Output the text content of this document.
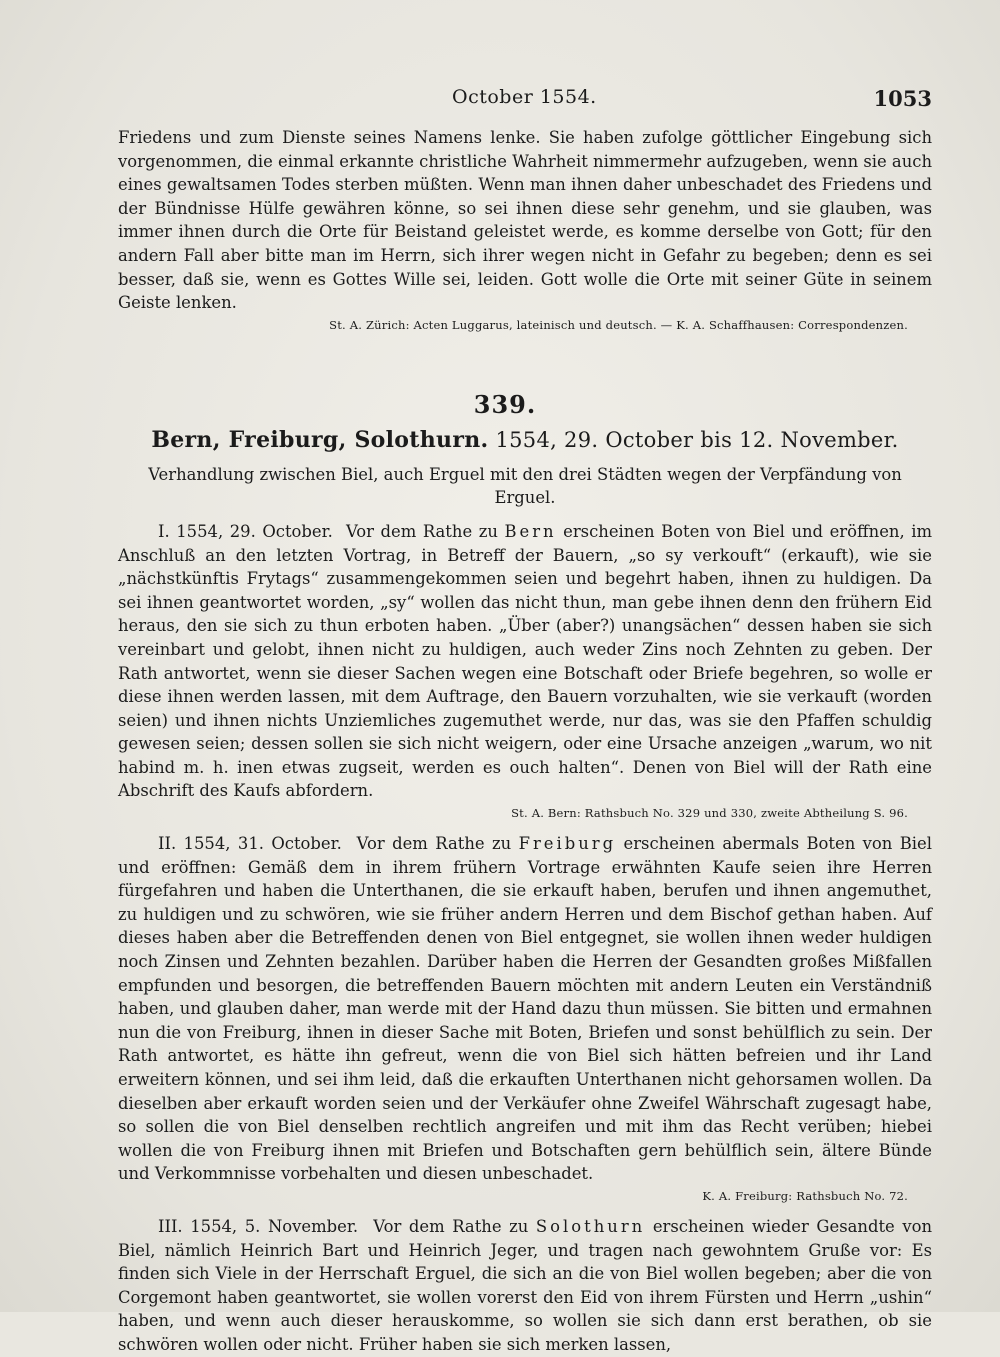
October 1554.	1053

Friedens und zum Dienste seines Namens lenke. Sie haben zufolge göttlicher Eingebung sich vorgenommen, die einmal erkannte christliche Wahrheit nimmermehr aufzugeben, wenn sie auch eines gewaltsamen Todes sterben müßten. Wenn man ihnen daher unbeschadet des Friedens und der Bündnisse Hülfe gewähren könne, so sei ihnen diese sehr genehm, und sie glauben, was immer ihnen durch die Orte für Beistand geleistet werde, es komme derselbe von Gott; für den andern Fall aber bitte man im Herrn, sich ihrer wegen nicht in Gefahr zu begeben; denn es sei besser, daß sie, wenn es Gottes Wille sei, leiden. Gott wolle die Orte mit seiner Güte in seinem Geiste lenken.

St. A. Zürich: Acten Luggarus, lateinisch und deutsch. — K. A. Schaffhausen: Correspondenzen.
339.
Bern, Freiburg, Solothurn. 1554, 29. October bis 12. November.
Verhandlung zwischen Biel, auch Erguel mit den drei Städten wegen der Verpfändung von Erguel.

I. 1554, 29. October. Vor dem Rathe zu Bern erscheinen Boten von Biel und eröffnen, im Anschluß an den letzten Vortrag, in Betreff der Bauern, „so sy verkouft“ (erkauft), wie sie „nächstkünftis Frytags“ zusammengekommen seien und begehrt haben, ihnen zu huldigen. Da sei ihnen geantwortet worden, „sy“ wollen das nicht thun, man gebe ihnen denn den frühern Eid heraus, den sie sich zu thun erboten haben. „Über (aber?) unangsächen“ dessen haben sie sich vereinbart und gelobt, ihnen nicht zu huldigen, auch weder Zins noch Zehnten zu geben. Der Rath antwortet, wenn sie dieser Sachen wegen eine Botschaft oder Briefe begehren, so wolle er diese ihnen werden lassen, mit dem Auftrage, den Bauern vorzuhalten, wie sie verkauft (worden seien) und ihnen nichts Unziemliches zugemuthet werde, nur das, was sie den Pfaffen schuldig gewesen seien; dessen sollen sie sich nicht weigern, oder eine Ursache anzeigen „warum, wo nit habind m. h. inen etwas zugseit, werden es ouch halten“. Denen von Biel will der Rath eine Abschrift des Kaufs abfordern.

St. A. Bern: Rathsbuch No. 329 und 330, zweite Abtheilung S. 96.

II. 1554, 31. October. Vor dem Rathe zu Freiburg erscheinen abermals Boten von Biel und eröffnen: Gemäß dem in ihrem frühern Vortrage erwähnten Kaufe seien ihre Herren fürgefahren und haben die Unterthanen, die sie erkauft haben, berufen und ihnen angemuthet, zu huldigen und zu schwören, wie sie früher andern Herren und dem Bischof gethan haben. Auf dieses haben aber die Betreffenden denen von Biel entgegnet, sie wollen ihnen weder huldigen noch Zinsen und Zehnten bezahlen. Darüber haben die Herren der Gesandten großes Mißfallen empfunden und besorgen, die betreffenden Bauern möchten mit andern Leuten ein Verständniß haben, und glauben daher, man werde mit der Hand dazu thun müssen. Sie bitten und ermahnen nun die von Freiburg, ihnen in dieser Sache mit Boten, Briefen und sonst behülflich zu sein. Der Rath antwortet, es hätte ihn gefreut, wenn die von Biel sich hätten befreien und ihr Land erweitern können, und sei ihm leid, daß die erkauften Unterthanen nicht gehorsamen wollen. Da dieselben aber erkauft worden seien und der Verkäufer ohne Zweifel Währschaft zugesagt habe, so sollen die von Biel denselben rechtlich angreifen und mit ihm das Recht verüben; hiebei wollen die von Freiburg ihnen mit Briefen und Botschaften gern behülflich sein, ältere Bünde und Verkommnisse vorbehalten und diesen unbeschadet.

K. A. Freiburg: Rathsbuch No. 72.

III. 1554, 5. November. Vor dem Rathe zu Solothurn erscheinen wieder Gesandte von Biel, nämlich Heinrich Bart und Heinrich Jeger, und tragen nach gewohntem Gruße vor: Es finden sich Viele in der Herrschaft Erguel, die sich an die von Biel wollen begeben; aber die von Corgemont haben geantwortet, sie wollen vorerst den Eid von ihrem Fürsten und Herrn „ushin“ haben, und wenn auch dieser herauskomme, so wollen sie sich dann erst berathen, ob sie schwören wollen oder nicht. Früher haben sie sich merken lassen,
